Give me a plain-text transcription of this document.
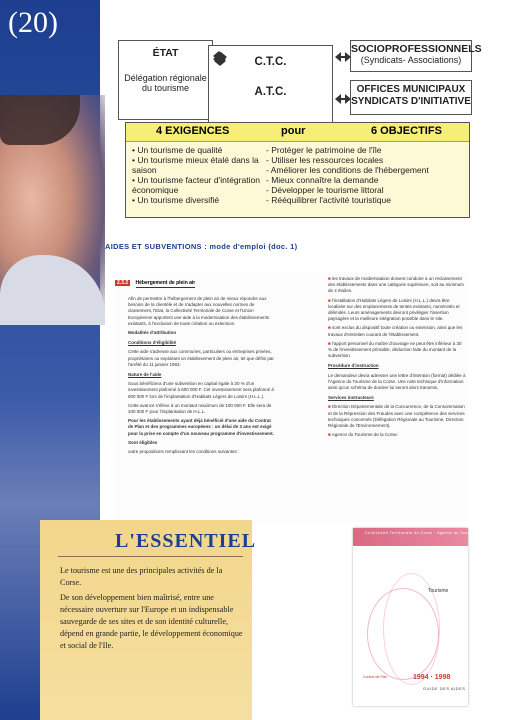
(20)
ÉTAT
Délégation régionale du tourisme
C.T.C.
A.T.C.
SOCIOPROFESSIONNELS
(Syndicats- Associations)
OFFICES MUNICIPAUX
SYNDICATS D'INITIATIVE
4 EXIGENCES	pour	6 OBJECTIFS
• Un tourisme de qualité
• Un tourisme mieux étalé dans la saison
• Un tourisme facteur d'intégration économique
• Un tourisme diversifié
- Protéger le patrimoine de l'île
- Utiliser les ressources locales
- Améliorer les conditions de l'hébergement
- Mieux connaître la demande
- Développer le tourisme littoral
- Rééquilibrer l'activité touristique
AIDES ET SUBVENTIONS : mode d'emploi (doc. 1)
2.3.2 Hébergement de plein air

Afin de permettre à l'hébergement de plein air de mieux répondre aux besoins de la clientèle et de s'adapter aux nouvelles normes de classement, l'Etat, la Collectivité Territoriale de Corse et l'Union Européenne apportent une aide à la modernisation des établissements existants, à l'exclusion de toute création ou extension.

Modalités d'attribution

Conditions d'éligibilité

Cette aide s'adresse aux communes, particuliers ou entreprises privées, propriétaires ou exploitant un établissement de plein air, tel que défini par l'arrêté du 11 janvier 1993.

Nature de l'aide

Sous bénéficiera d'une subvention en capital égale à 30 % d'un investissement plafonné à 600 000 F. Cet investissement sera plafonné à 800 000 F lors de l'implantation d'Habitats Légers de Loisirs (H.L.L.).

Cette avance s'élève à un montant maximum de 100 000 F. Elle sera de 340 000 F pour l'implantation de H.L.L.

Pour les établissements ayant déjà bénéficié d'une aide du Contrat de Plan et des programmes européens : un délai de 3 ans est exigé pour la prise en compte d'un nouveau programme d'investissement.

Sont éligibles

outre propositions remplissant les conditions suivantes :

■ les travaux de modernisation doivent conduire à un reclassement des établissements dans une catégorie supérieure, soit au minimum de 2 étoiles.

■ l'installation d'Habitats Légers de Loisirs (H.L.L.) devra être localisée sur des emplacements de tentes existants, numérotés et délimités. Leurs aménagements devront privilégier l'insertion paysagère et la meilleure intégration possible dans le site.

■ sont exclus du dispositif toute création ou extension, ainsi que les travaux d'entretien courant de l'établissement.

■ l'apport personnel du maître d'ouvrage ne peut être inférieur à 30 % de l'investissement primable, déduction faite du montant de la subvention.

Procédure d'instruction

Le demandeur devra adresser une lettre d'intention (format) dédiée à l'Agence du Tourisme de la Corse. Une note technique d'information ainsi qu'un schéma de dossier lui seront alors transmis.

Services instructeurs

■ Direction Départementale de la Concurrence, de la Consommation et de la Répression des Fraudes avec une compétence des services techniques concernés (Délégation Régionale au Tourisme, Direction Régionale de l'Environnement).

■ Agence du Tourisme de la Corse.

L'ESSENTIEL
Le tourisme est une des principales activités de la Corse.
De son développement bien maîtrisé, entre une nécessaire ouverture sur l'Europe et un indispensable sauvegarde de ses sites et de son identité culturelle, dépend en grande partie, le développement économique et social de l'Ile.
Collectivité Territoriale de Corse · Agence du Tourisme de la Corse
Tourisme
Contrat de Plan	1994 · 1998
GUIDE DES AIDES
